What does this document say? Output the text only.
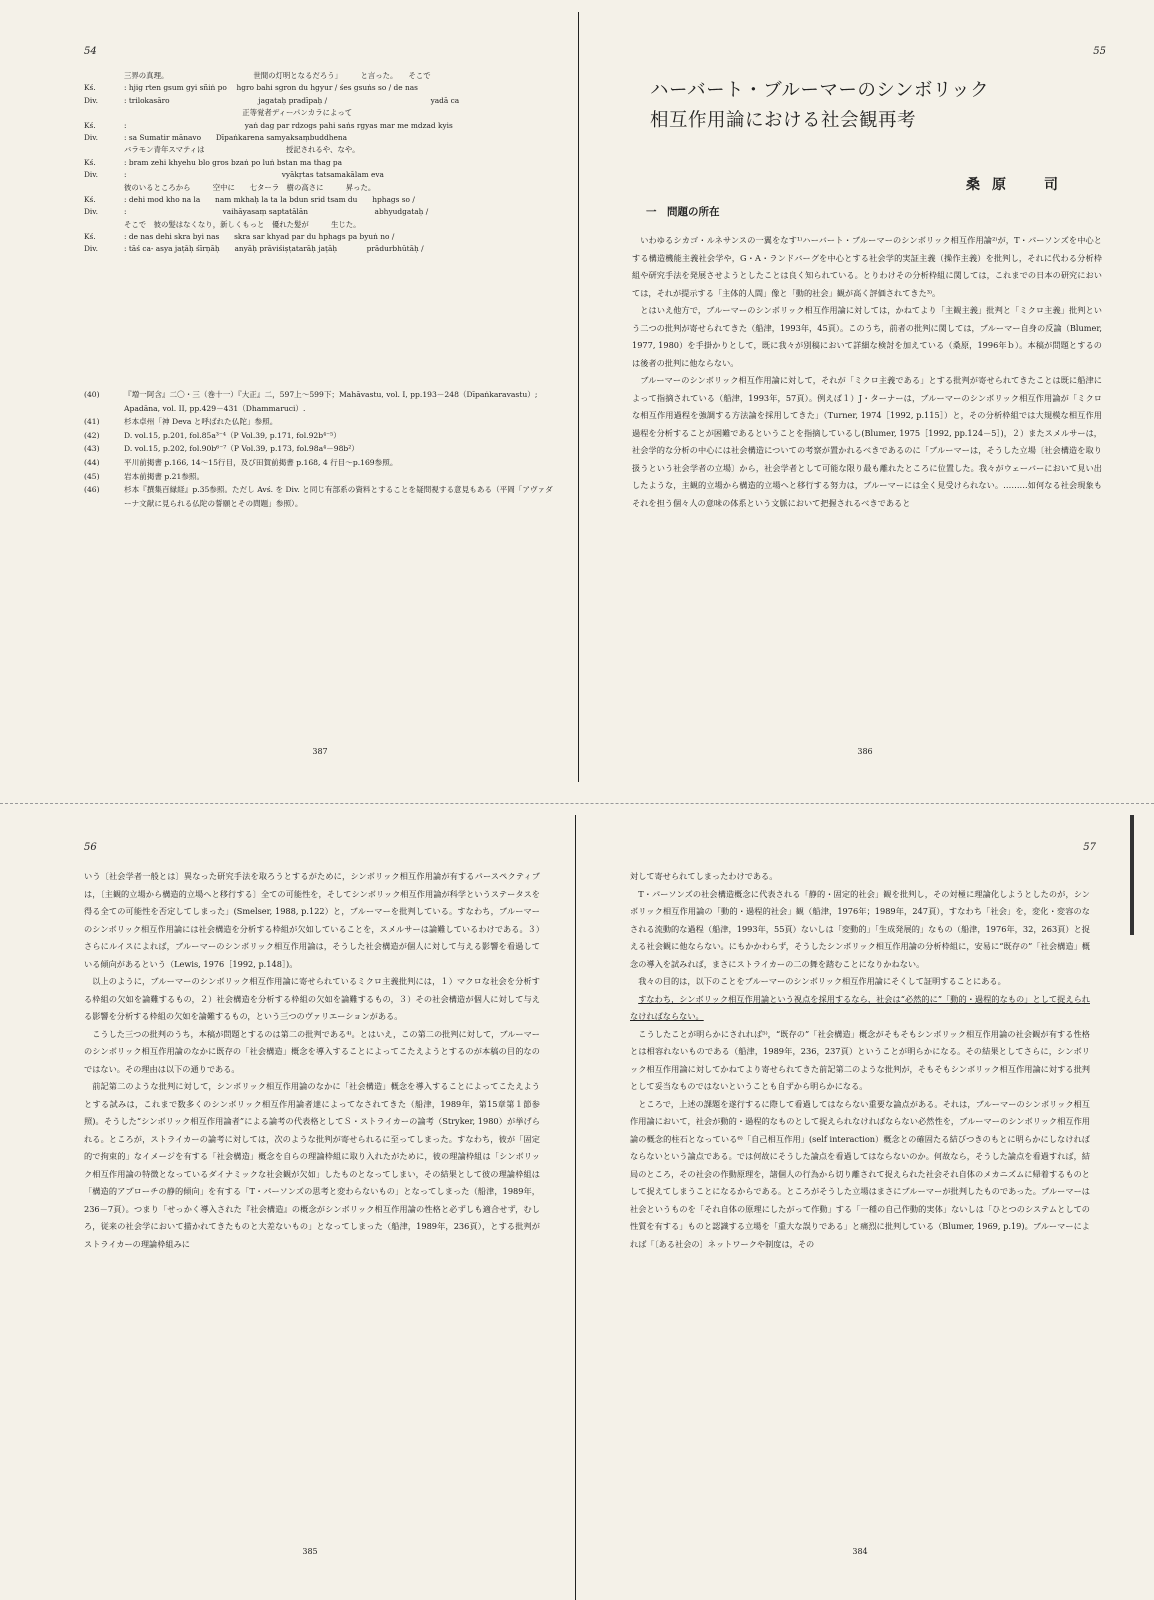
54
三界の真理。　　　　　　　　　　　　世間の灯明となるだろう」　　　と言った。　　そこで
Kś.	: hjig rten gsum gyi sñiṅ po　 hgro bahi sgron du hgyur / śes gsuṅs so / de nas
Div.	: trilokasāro　　　　　　　　　　　　jagataḥ pradīpaḥ /　　　　　　　　　　　　　　yadā ca
　　　　　　　　　　　　　　　　正等覚者ディーパンカラによって
Kś.	:　　　　　　　　　　　　　　　　yaṅ dag par rdzogs pahi saṅs rgyas mar me mdzad kyis
Div.	: sa Sumatir mānavo　　Dīpaṅkarena samyaksaṃbuddhena
バラモン青年スマティは　　　　　　　　　　　授記されるや、なや。
Kś.	: bram zehi khyehu blo gros bzaṅ po luṅ bstan ma thag pa
Div.	:　　　　　　　　　　　　　　　　　　　　　vyākṛtas tatsamakālam eva
彼のいるところから　　　空中に　　七ターラ　樹の高さに　　　昇った。
Kś.	: dehi mod kho na la　　nam mkhaḥ la ta la bdun srid tsam du　　hphags so /
Div.	:　　　　　　　　　　　　　vaihāyasaṃ saptatālān　　　　　　　　　abhyudgataḥ /
そこで　彼の髪はなくなり，新しくもっと　優れた髪が　　　生じた。
Kś.	: de nas dehi skra byi nas　　skra sar khyad par du hphags pa byuṅ no /
Div.	: tāś ca- asya jaṭāḥ śīrṇāḥ　　anyāḥ prāviśiṣṭatarāḥ jaṭāḥ　　　　prādurbhūtāḥ /
(40)	『増一阿含』二〇・三（巻十一）『大正』二，597上～599下；Mahāvastu, vol. I, pp.193－248（Dīpaṅkaravastu）; Apadāna, vol. II, pp.429－431（Dhammaruci）.
(41)	杉本卓州「神 Deva と呼ばれた仏陀」参照。
(42)	D. vol.15, p.201, fol.85a³⁻⁴（P Vol.39, p.171, fol.92b⁴⁻⁵）
(43)	D. vol.15, p.202, fol.90b⁶⁻⁷（P Vol.39, p.173, fol.98a⁴－98b²）
(44)	平川前掲書 p.166, 14～15行目，及び田賀前掲書 p.168, 4 行目～p.169参照。
(45)	岩本前掲書 p.21参照。
(46)	杉本『撰集百縁経』p.35参照。ただし Avś. を Div. と同じ有部系の資料とすることを疑問視する意見もある（平岡「アヴァダーナ文献に見られる仏陀の誓願とその問題」参照）。
387
55
ハーバート・ブルーマーのシンボリック
相互作用論における社会観再考
桑原　司
一　問題の所在

いわゆるシカゴ・ルネサンスの一翼をなす¹⁾ハーバート・ブルーマーのシンボリック相互作用論²⁾が，T・パーソンズを中心とする構造機能主義社会学や，G・A・ランドバーグを中心とする社会学的実証主義（操作主義）を批判し，それに代わる分析枠組や研究手法を発展させようとしたことは良く知られている。とりわけその分析枠組に関しては，これまでの日本の研究においては，それが提示する「主体的人間」像と「動的社会」観が高く評価されてきた³⁾。

とはいえ他方で，ブルーマーのシンボリック相互作用論に対しては，かねてより「主観主義」批判と「ミクロ主義」批判という二つの批判が寄せられてきた（船津，1993年，45頁）。このうち，前者の批判に関しては，ブルーマー自身の反論（Blumer, 1977, 1980）を手掛かりとして，既に我々が別稿において詳細な検討を加えている（桑原，1996年ｂ）。本稿が問題とするのは後者の批判に他ならない。

ブルーマーのシンボリック相互作用論に対して，それが「ミクロ主義である」とする批判が寄せられてきたことは既に船津によって指摘されている（船津，1993年，57頁）。例えば１）J・ターナーは，ブルーマーのシンボリック相互作用論が「ミクロな相互作用過程を強調する方法論を採用してきた」（Turner, 1974［1992, p.115］）と，その分析枠組では大規模な相互作用過程を分析することが困難であるということを指摘しているし(Blumer, 1975［1992, pp.124－5］)，２）またスメルサーは，社会学的な分析の中心には社会構造についての考察が置かれるべきであるのに「ブルーマーは，そうした立場〔社会構造を取り扱うという社会学者の立場〕から，社会学者として可能な限り最も離れたところに位置した。我々がウェーバーにおいて見い出したような，主観的立場から構造的立場へと移行する努力は，ブルーマーには全く見受けられない。………如何なる社会現象もそれを担う個々人の意味の体系という文脈において把握されるべきであると

386
56

いう〔社会学者一般とは〕異なった研究手法を取ろうとするがために，シンボリック相互作用論が有するパースペクティブは，〔主観的立場から構造的立場へと移行する〕全ての可能性を，そしてシンボリック相互作用論が科学というステータスを得る全ての可能性を否定してしまった」(Smelser, 1988, p.122）と，ブルーマーを批判している。すなわち，ブルーマーのシンボリック相互作用論には社会構造を分析する枠組が欠如していることを，スメルサーは論難しているわけである。３）さらにルイスによれば，ブルーマーのシンボリック相互作用論は，そうした社会構造が個人に対して与える影響を看過している傾向があるという（Lewis, 1976［1992, p.148］)。

以上のように，ブルーマーのシンボリック相互作用論に寄せられているミクロ主義批判には，１）マクロな社会を分析する枠組の欠如を論難するもの，２）社会構造を分析する枠組の欠如を論難するもの，３）その社会構造が個人に対して与える影響を分析する枠組の欠如を論難するもの，という三つのヴァリエーションがある。

こうした三つの批判のうち，本稿が問題とするのは第二の批判である⁴⁾。とはいえ，この第二の批判に対して，ブルーマーのシンボリック相互作用論のなかに既存の「社会構造」概念を導入することによってこたえようとするのが本稿の目的なのではない。その理由は以下の通りである。

前記第二のような批判に対して，シンボリック相互作用論のなかに「社会構造」概念を導入することによってこたえようとする試みは，これまで数多くのシンボリック相互作用論者達によってなされてきた（船津，1989年，第15章第１節参照)。そうした“シンボリック相互作用論者”による論考の代表格としてＳ・ストライカーの論考（Stryker, 1980）が挙げられる。ところが，ストライカーの論考に対しては，次のような批判が寄せられるに至ってしまった。すなわち，彼が「固定的で拘束的」なイメージを有する「社会構造」概念を自らの理論枠組に取り入れたがために，彼の理論枠組は「シンボリック相互作用論の特徴となっているダイナミックな社会観が欠如」したものとなってしまい，その結果として彼の理論枠組は「構造的アプローチの静的傾向」を有する「T・パーソンズの思考と変わらないもの」となってしまった（船津，1989年，236－7頁）。つまり「せっかく導入された『社会構造』の概念がシンボリック相互作用論の性格と必ずしも適合せず，むしろ，従来の社会学において描かれてきたものと大差ないもの」となってしまった（船津，1989年，236頁），とする批判がストライカーの理論枠組みに

385
57

対して寄せられてしまったわけである。

T・パーソンズの社会構造概念に代表される「静的・固定的社会」観を批判し，その対極に理論化しようとしたのが，シンボリック相互作用論の「動的・過程的社会」観（船津，1976年；1989年，247頁），すなわち「社会」を，変化・変容のなされる流動的な過程（船津，1993年，55頁）ないしは「変動的」「生成発展的」なもの（船津，1976年，32，263頁）と捉える社会観に他ならない。にもかかわらず，そうしたシンボリック相互作用論の分析枠組に，安易に“既存の”「社会構造」概念の導入を試みれば，まさにストライカーの二の舞を踏むことになりかねない。

我々の目的は，以下のことをブルーマーのシンボリック相互作用論にそくして証明することにある。

すなわち，シンボリック相互作用論という視点を採用するなら，社会は“必然的に”「動的・過程的なもの」として捉えられなければならない。

こうしたことが明らかにされれば⁵⁾，“既存の”「社会構造」概念がそもそもシンボリック相互作用論の社会観が有する性格とは相容れないものである（船津，1989年，236，237頁）ということが明らかになる。その結果としてさらに，シンボリック相互作用論に対してかねてより寄せられてきた前記第二のような批判が，そもそもシンボリック相互作用論に対する批判として妥当なものではないということも自ずから明らかになる。

ところで，上述の課題を遂行するに際して看過してはならない重要な論点がある。それは，ブルーマーのシンボリック相互作用論において，社会が動的・過程的なものとして捉えられなければならない必然性を，ブルーマーのシンボリック相互作用論の概念的柱石となっている⁶⁾「自己相互作用」(self interaction）概念との確固たる結びつきのもとに明らかにしなければならないという論点である。では何故にそうした論点を看過してはならないのか。何故なら，そうした論点を看過すれば，結局のところ，その社会の作動原理を，諸個人の行為から切り離されて捉えられた社会それ自体のメカニズムに帰着するものとして捉えてしまうことになるからである。ところがそうした立場はまさにブルーマーが批判したものであった。ブルーマーは社会というものを「それ自体の原理にしたがって作動」する「一種の自己作動的実体」ないしは「ひとつのシステムとしての性質を有する」ものと認識する立場を「重大な誤りである」と痛烈に批判している（Blumer, 1969, p.19)。ブルーマーによれば「〔ある社会の〕ネットワークや制度は，その

384
